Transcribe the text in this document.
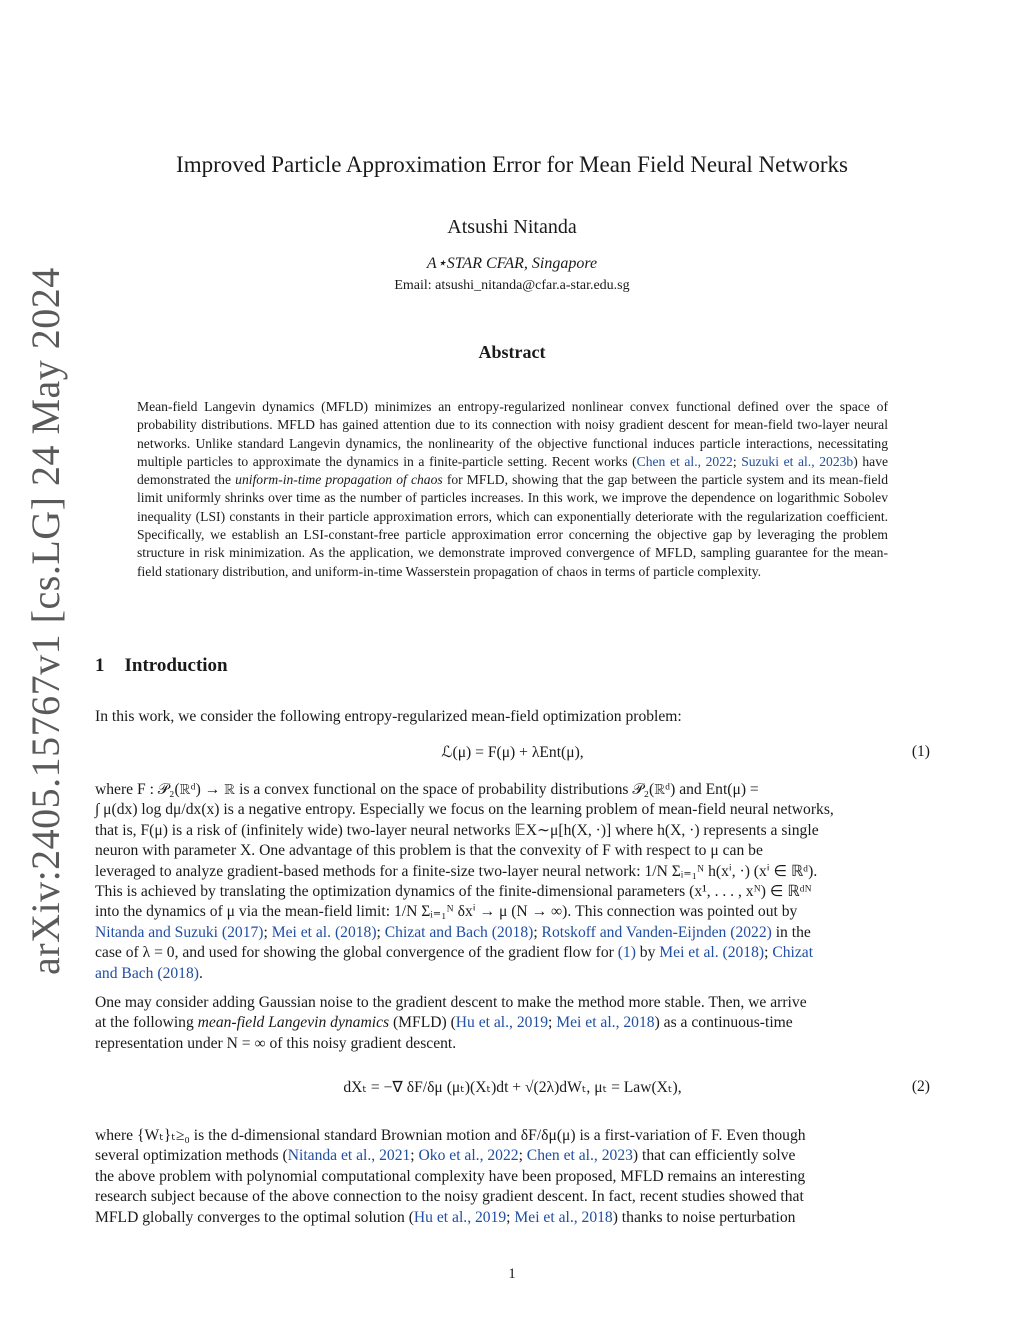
arXiv:2405.15767v1 [cs.LG] 24 May 2024
Improved Particle Approximation Error for Mean Field Neural Networks
Atsushi Nitanda
A⋆STAR CFAR, Singapore
Email: atsushi_nitanda@cfar.a-star.edu.sg
Abstract
Mean-field Langevin dynamics (MFLD) minimizes an entropy-regularized nonlinear convex functional defined over the space of probability distributions. MFLD has gained attention due to its connection with noisy gradient descent for mean-field two-layer neural networks. Unlike standard Langevin dynamics, the nonlinearity of the objective functional induces particle interactions, necessitating multiple particles to approximate the dynamics in a finite-particle setting. Recent works (Chen et al., 2022; Suzuki et al., 2023b) have demonstrated the uniform-in-time propagation of chaos for MFLD, showing that the gap between the particle system and its mean-field limit uniformly shrinks over time as the number of particles increases. In this work, we improve the dependence on logarithmic Sobolev inequality (LSI) constants in their particle approximation errors, which can exponentially deteriorate with the regularization coefficient. Specifically, we establish an LSI-constant-free particle approximation error concerning the objective gap by leveraging the problem structure in risk minimization. As the application, we demonstrate improved convergence of MFLD, sampling guarantee for the mean-field stationary distribution, and uniform-in-time Wasserstein propagation of chaos in terms of particle complexity.
1 Introduction
In this work, we consider the following entropy-regularized mean-field optimization problem:
ℒ(μ) = F(μ) + λEnt(μ),	(1)
where F : 𝒫₂(ℝᵈ) → ℝ is a convex functional on the space of probability distributions 𝒫₂(ℝᵈ) and Ent(μ) =
∫ μ(dx) log dμ/dx(x) is a negative entropy. Especially we focus on the learning problem of mean-field neural networks,
that is, F(μ) is a risk of (infinitely wide) two-layer neural networks 𝔼X∼μ[h(X, ·)] where h(X, ·) represents a single
neuron with parameter X. One advantage of this problem is that the convexity of F with respect to μ can be
leveraged to analyze gradient-based methods for a finite-size two-layer neural network: 1/N Σᵢ₌₁ᴺ h(xⁱ, ·) (xⁱ ∈ ℝᵈ).
This is achieved by translating the optimization dynamics of the finite-dimensional parameters (x¹, . . . , xᴺ) ∈ ℝᵈᴺ
into the dynamics of μ via the mean-field limit: 1/N Σᵢ₌₁ᴺ δxⁱ → μ (N → ∞). This connection was pointed out by
Nitanda and Suzuki (2017); Mei et al. (2018); Chizat and Bach (2018); Rotskoff and Vanden-Eijnden (2022) in the
case of λ = 0, and used for showing the global convergence of the gradient flow for (1) by Mei et al. (2018); Chizat
and Bach (2018).
One may consider adding Gaussian noise to the gradient descent to make the method more stable. Then, we arrive
at the following mean-field Langevin dynamics (MFLD) (Hu et al., 2019; Mei et al., 2018) as a continuous-time
representation under N = ∞ of this noisy gradient descent.
dXₜ = −∇ δF/δμ (μₜ)(Xₜ)dt + √(2λ)dWₜ, μₜ = Law(Xₜ),	(2)
where {Wₜ}ₜ≥₀ is the d-dimensional standard Brownian motion and δF/δμ(μ) is a first-variation of F. Even though
several optimization methods (Nitanda et al., 2021; Oko et al., 2022; Chen et al., 2023) that can efficiently solve
the above problem with polynomial computational complexity have been proposed, MFLD remains an interesting
research subject because of the above connection to the noisy gradient descent. In fact, recent studies showed that
MFLD globally converges to the optimal solution (Hu et al., 2019; Mei et al., 2018) thanks to noise perturbation
1
